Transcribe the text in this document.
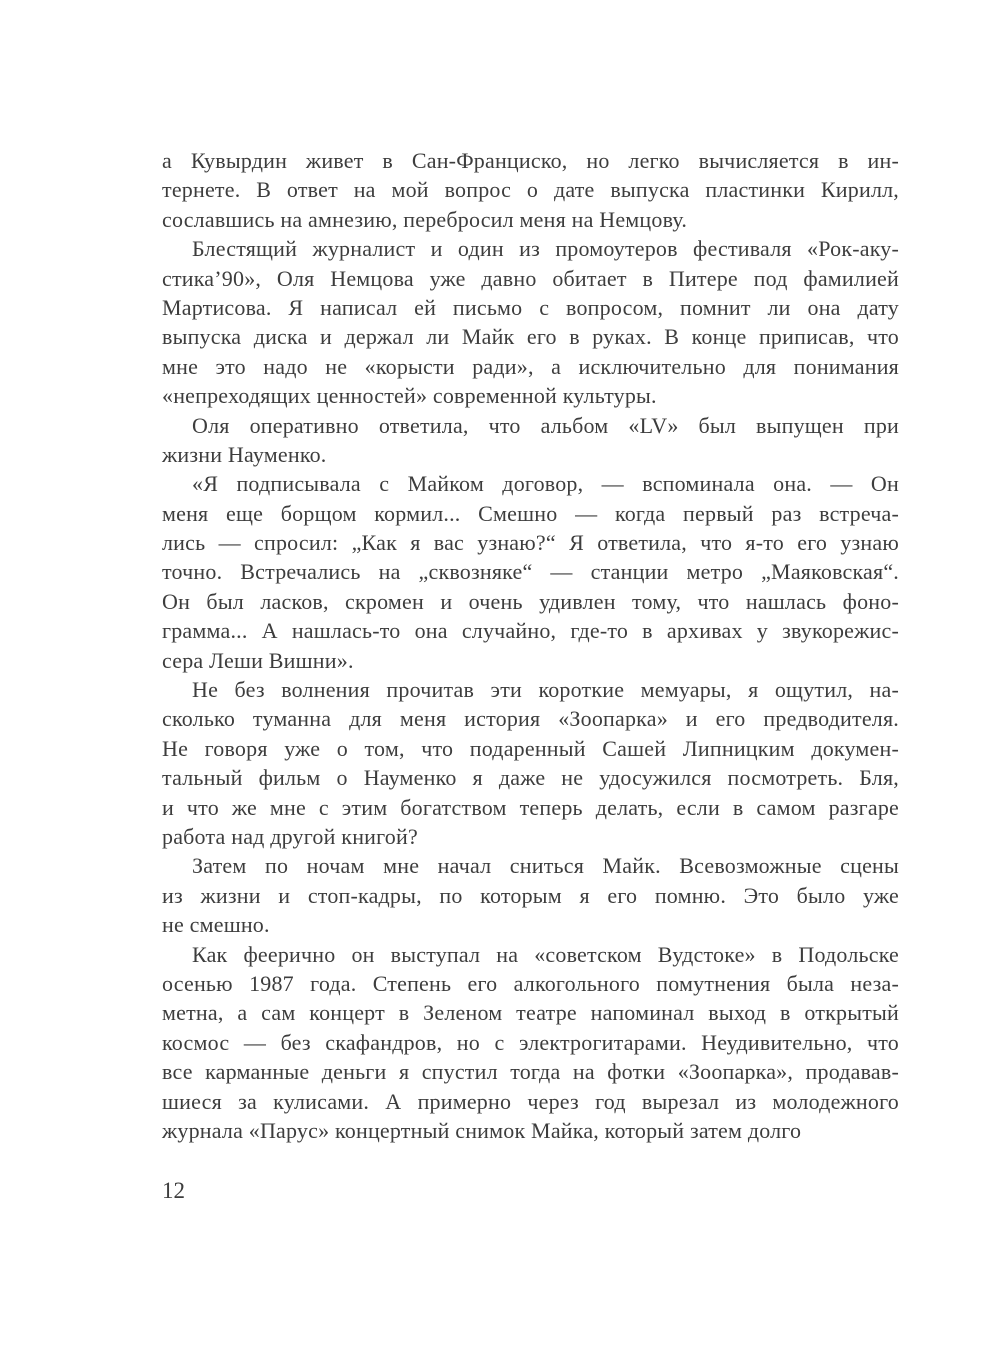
а Кувырдин живет в Сан-Франциско, но легко вычисляется в ин-
тернете. В ответ на мой вопрос о дате выпуска пластинки Кирилл,
сославшись на амнезию, перебросил меня на Немцову.

Блестящий журналист и один из промоутеров фестиваля «Рок-аку-
стика’90», Оля Немцова уже давно обитает в Питере под фамилией
Мартисова. Я написал ей письмо с вопросом, помнит ли она дату
выпуска диска и держал ли Майк его в руках. В конце приписав, что
мне это надо не «корысти ради», а исключительно для понимания
«непреходящих ценностей» современной культуры.

Оля оперативно ответила, что альбом «LV» был выпущен при
жизни Науменко.

«Я подписывала с Майком договор, — вспоминала она. — Он
меня еще борщом кормил... Смешно — когда первый раз встреча-
лись — спросил: „Как я вас узнаю?“ Я ответила, что я-то его узнаю
точно. Встречались на „сквозняке“ — станции метро „Маяковская“.
Он был ласков, скромен и очень удивлен тому, что нашлась фоно-
грамма... А нашлась-то она случайно, где-то в архивах у звукорежис-
сера Леши Вишни».

Не без волнения прочитав эти короткие мемуары, я ощутил, на-
сколько туманна для меня история «Зоопарка» и его предводителя.
Не говоря уже о том, что подаренный Сашей Липницким докумен-
тальный фильм о Науменко я даже не удосужился посмотреть. Бля,
и что же мне с этим богатством теперь делать, если в самом разгаре
работа над другой книгой?

Затем по ночам мне начал сниться Майк. Всевозможные сцены
из жизни и стоп-кадры, по которым я его помню. Это было уже
не смешно.

Как феерично он выступал на «советском Вудстоке» в Подольске
осенью 1987 года. Степень его алкогольного помутнения была неза-
метна, а сам концерт в Зеленом театре напоминал выход в открытый
космос — без скафандров, но с электрогитарами. Неудивительно, что
все карманные деньги я спустил тогда на фотки «Зоопарка», продавав-
шиеся за кулисами. А примерно через год вырезал из молодежного
журнала «Парус» концертный снимок Майка, который затем долго

12
